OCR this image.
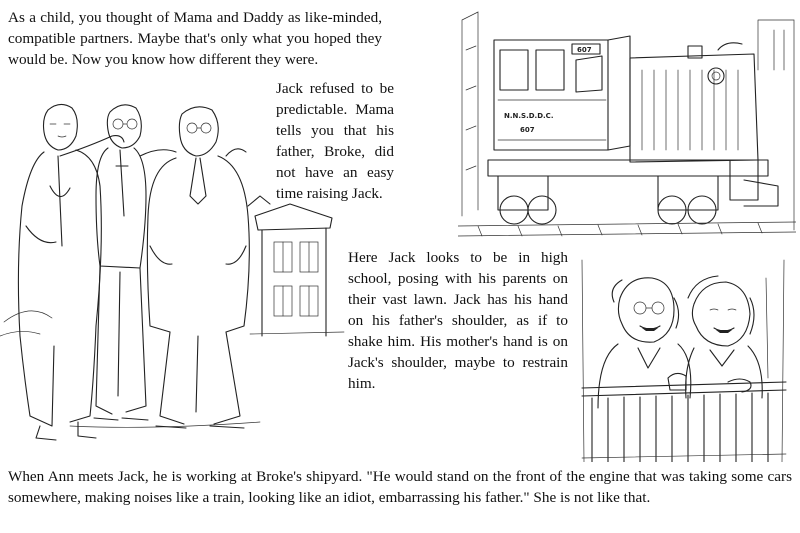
As a child, you thought of Mama and Daddy as like-minded, compatible partners. Maybe that's only what you hoped they would be. Now you know how different they were.

Jack refused to be predictable. Mama tells you that his father, Broke, did not have an easy time raising Jack.

Here Jack looks to be in high school, posing with his parents on their vast lawn. Jack has his hand on his father's shoulder, as if to shake him. His mother's hand is on Jack's shoulder, maybe to restrain him.

When Ann meets Jack, he is working at Broke's shipyard. "He would stand on the front of the engine that was taking some cars somewhere, making noises like a train, looking like an idiot, embarrassing his father." She is not like that.

607
N.N.S.D.D.C.
607
